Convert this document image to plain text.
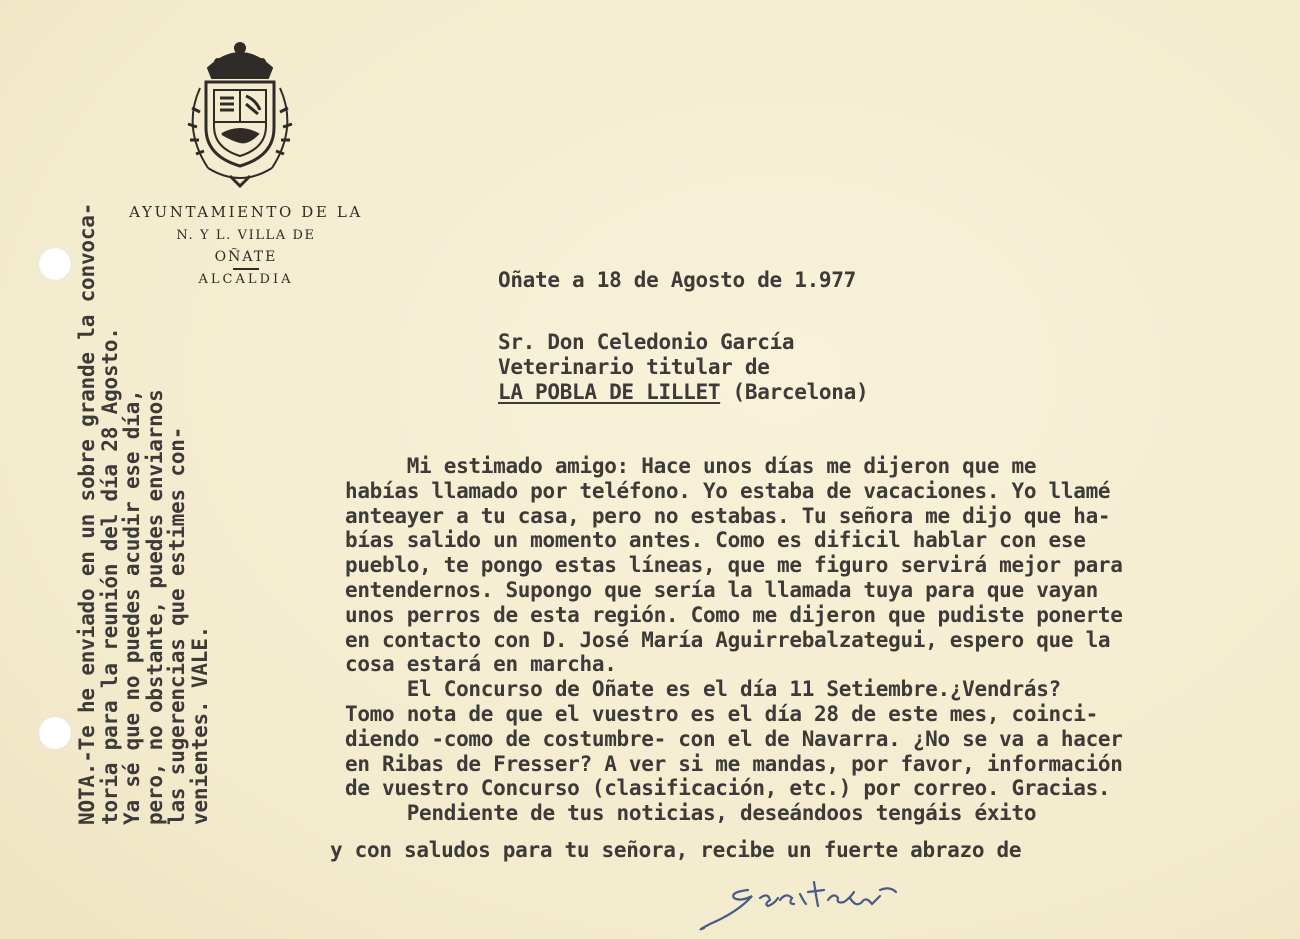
AYUNTAMIENTO DE LA
N. Y L. VILLA DE
OÑATE
ALCALDIA	Oñate a 18 de Agosto de 1.977
Sr. Don Celedonio García
Veterinario titular de
LA POBLA DE LILLET (Barcelona)
Mi estimado amigo: Hace unos días me dijeron que me
habías llamado por teléfono. Yo estaba de vacaciones. Yo llamé
anteayer a tu casa, pero no estabas. Tu señora me dijo que ha-
bías salido un momento antes. Como es dificil hablar con ese
pueblo, te pongo estas líneas, que me figuro servirá mejor para
entendernos. Supongo que sería la llamada tuya para que vayan
unos perros de esta región. Como me dijeron que pudiste ponerte
en contacto con D. José María Aguirrebalzategui, espero que la
cosa estará en marcha.
El Concurso de Oñate es el día 11 Setiembre.¿Vendrás?
Tomo nota de que el vuestro es el día 28 de este mes, coinci-
diendo -como de costumbre- con el de Navarra. ¿No se va a hacer
en Ribas de Fresser? A ver si me mandas, por favor, información
de vuestro Concurso (clasificación, etc.) por correo. Gracias.
Pendiente de tus noticias, deseándoos tengáis éxito
y con saludos para tu señora, recibe un fuerte abrazo de
NOTA.-Te he enviado en un sobre grande la convoca-
toria para la reunión del día 28 Agosto.
Ya sé que no puedes acudir ese día,
pero, no obstante, puedes enviarnos
las sugerencias que estimes con-
venientes. VALE.
